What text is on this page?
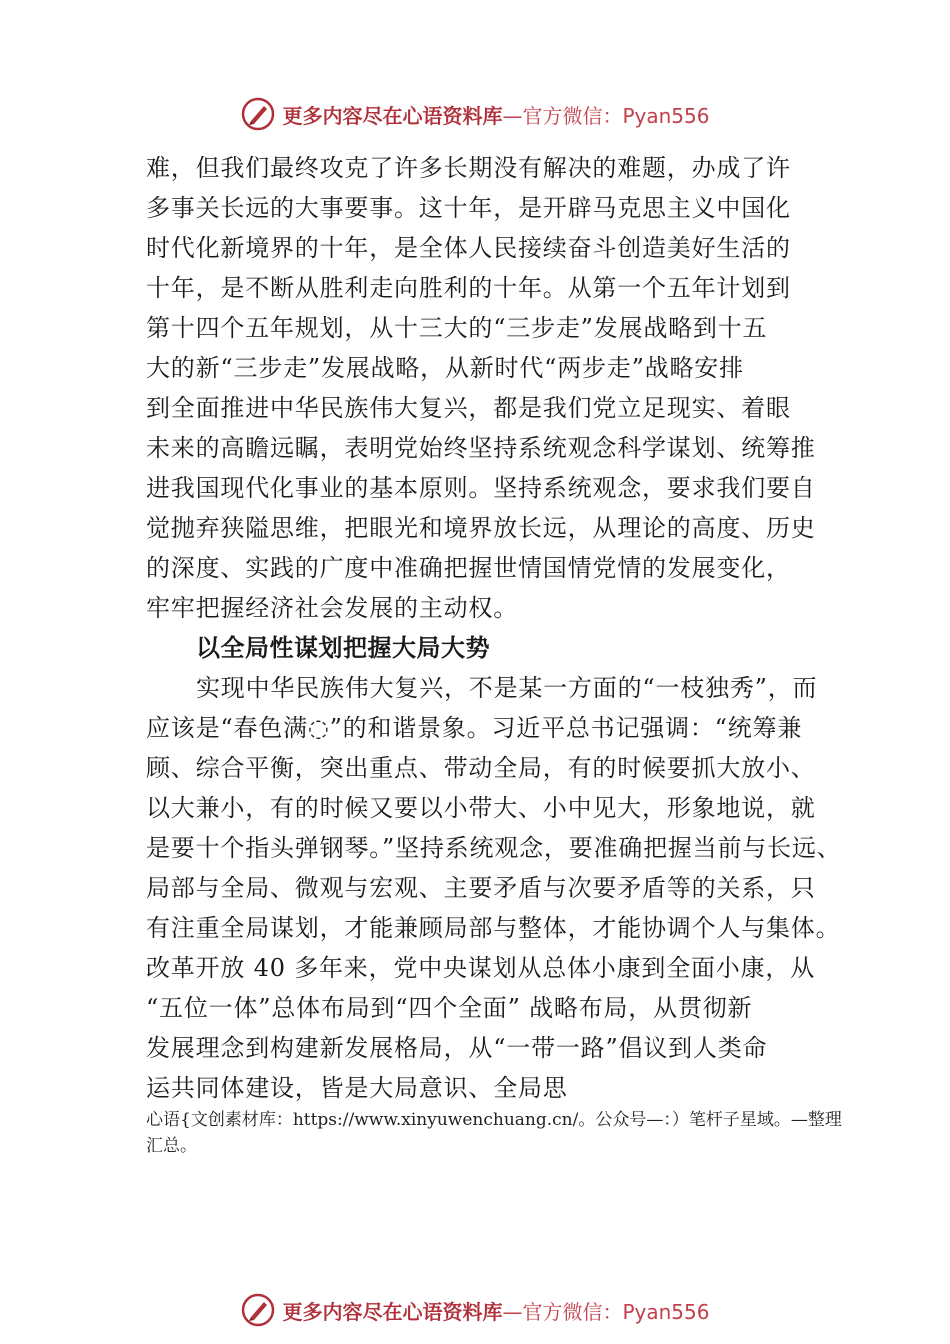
更多内容尽在心语资料库 —官方微信：Pyan556
难，但我们最终攻克了许多长期没有解决的难题，办成了许
多事关长远的大事要事。这十年，是开辟马克思主义中国化
时代化新境界的十年，是全体人民接续奋斗创造美好生活的
十年，是不断从胜利走向胜利的十年。从第一个五年计划到
第十四个五年规划，从十三大的“三步走”发展战略到十五
大的新“三步走”发展战略，从新时代“两步走”战略安排
到全面推进中华民族伟大复兴，都是我们党立足现实、着眼
未来的高瞻远瞩，表明党始终坚持系统观念科学谋划、统筹推
进我国现代化事业的基本原则。坚持系统观念，要求我们要自
觉抛弃狭隘思维，把眼光和境界放长远，从理论的高度、历史
的深度、实践的广度中准确把握世情国情党情的发展变化，
牢牢把握经济社会发展的主动权。
以全局性谋划把握大局大势
实现中华民族伟大复兴，不是某一方面的“一枝独秀”，而
应该是“春色满◌”的和谐景象。习近平总书记强调：“统筹兼
顾、综合平衡，突出重点、带动全局，有的时候要抓大放小、
以大兼小，有的时候又要以小带大、小中见大，形象地说，就
是要十个指头弹钢琴。”坚持系统观念，要准确把握当前与长远、
局部与全局、微观与宏观、主要矛盾与次要矛盾等的关系，只
有注重全局谋划，才能兼顾局部与整体，才能协调个人与集体。
改革开放 40 多年来，党中央谋划从总体小康到全面小康，从
“五位一体”总体布局到“四个全面” 战略布局，从贯彻新
发展理念到构建新发展格局，从“一带一路”倡议到人类命
运共同体建设，皆是大局意识、全局思
心语{文创素材库：https://www.xinyuwenchuang.cn/。公众号—：）笔杆子星域。—整理
汇总。
更多内容尽在心语资料库 —官方微信：Pyan556
